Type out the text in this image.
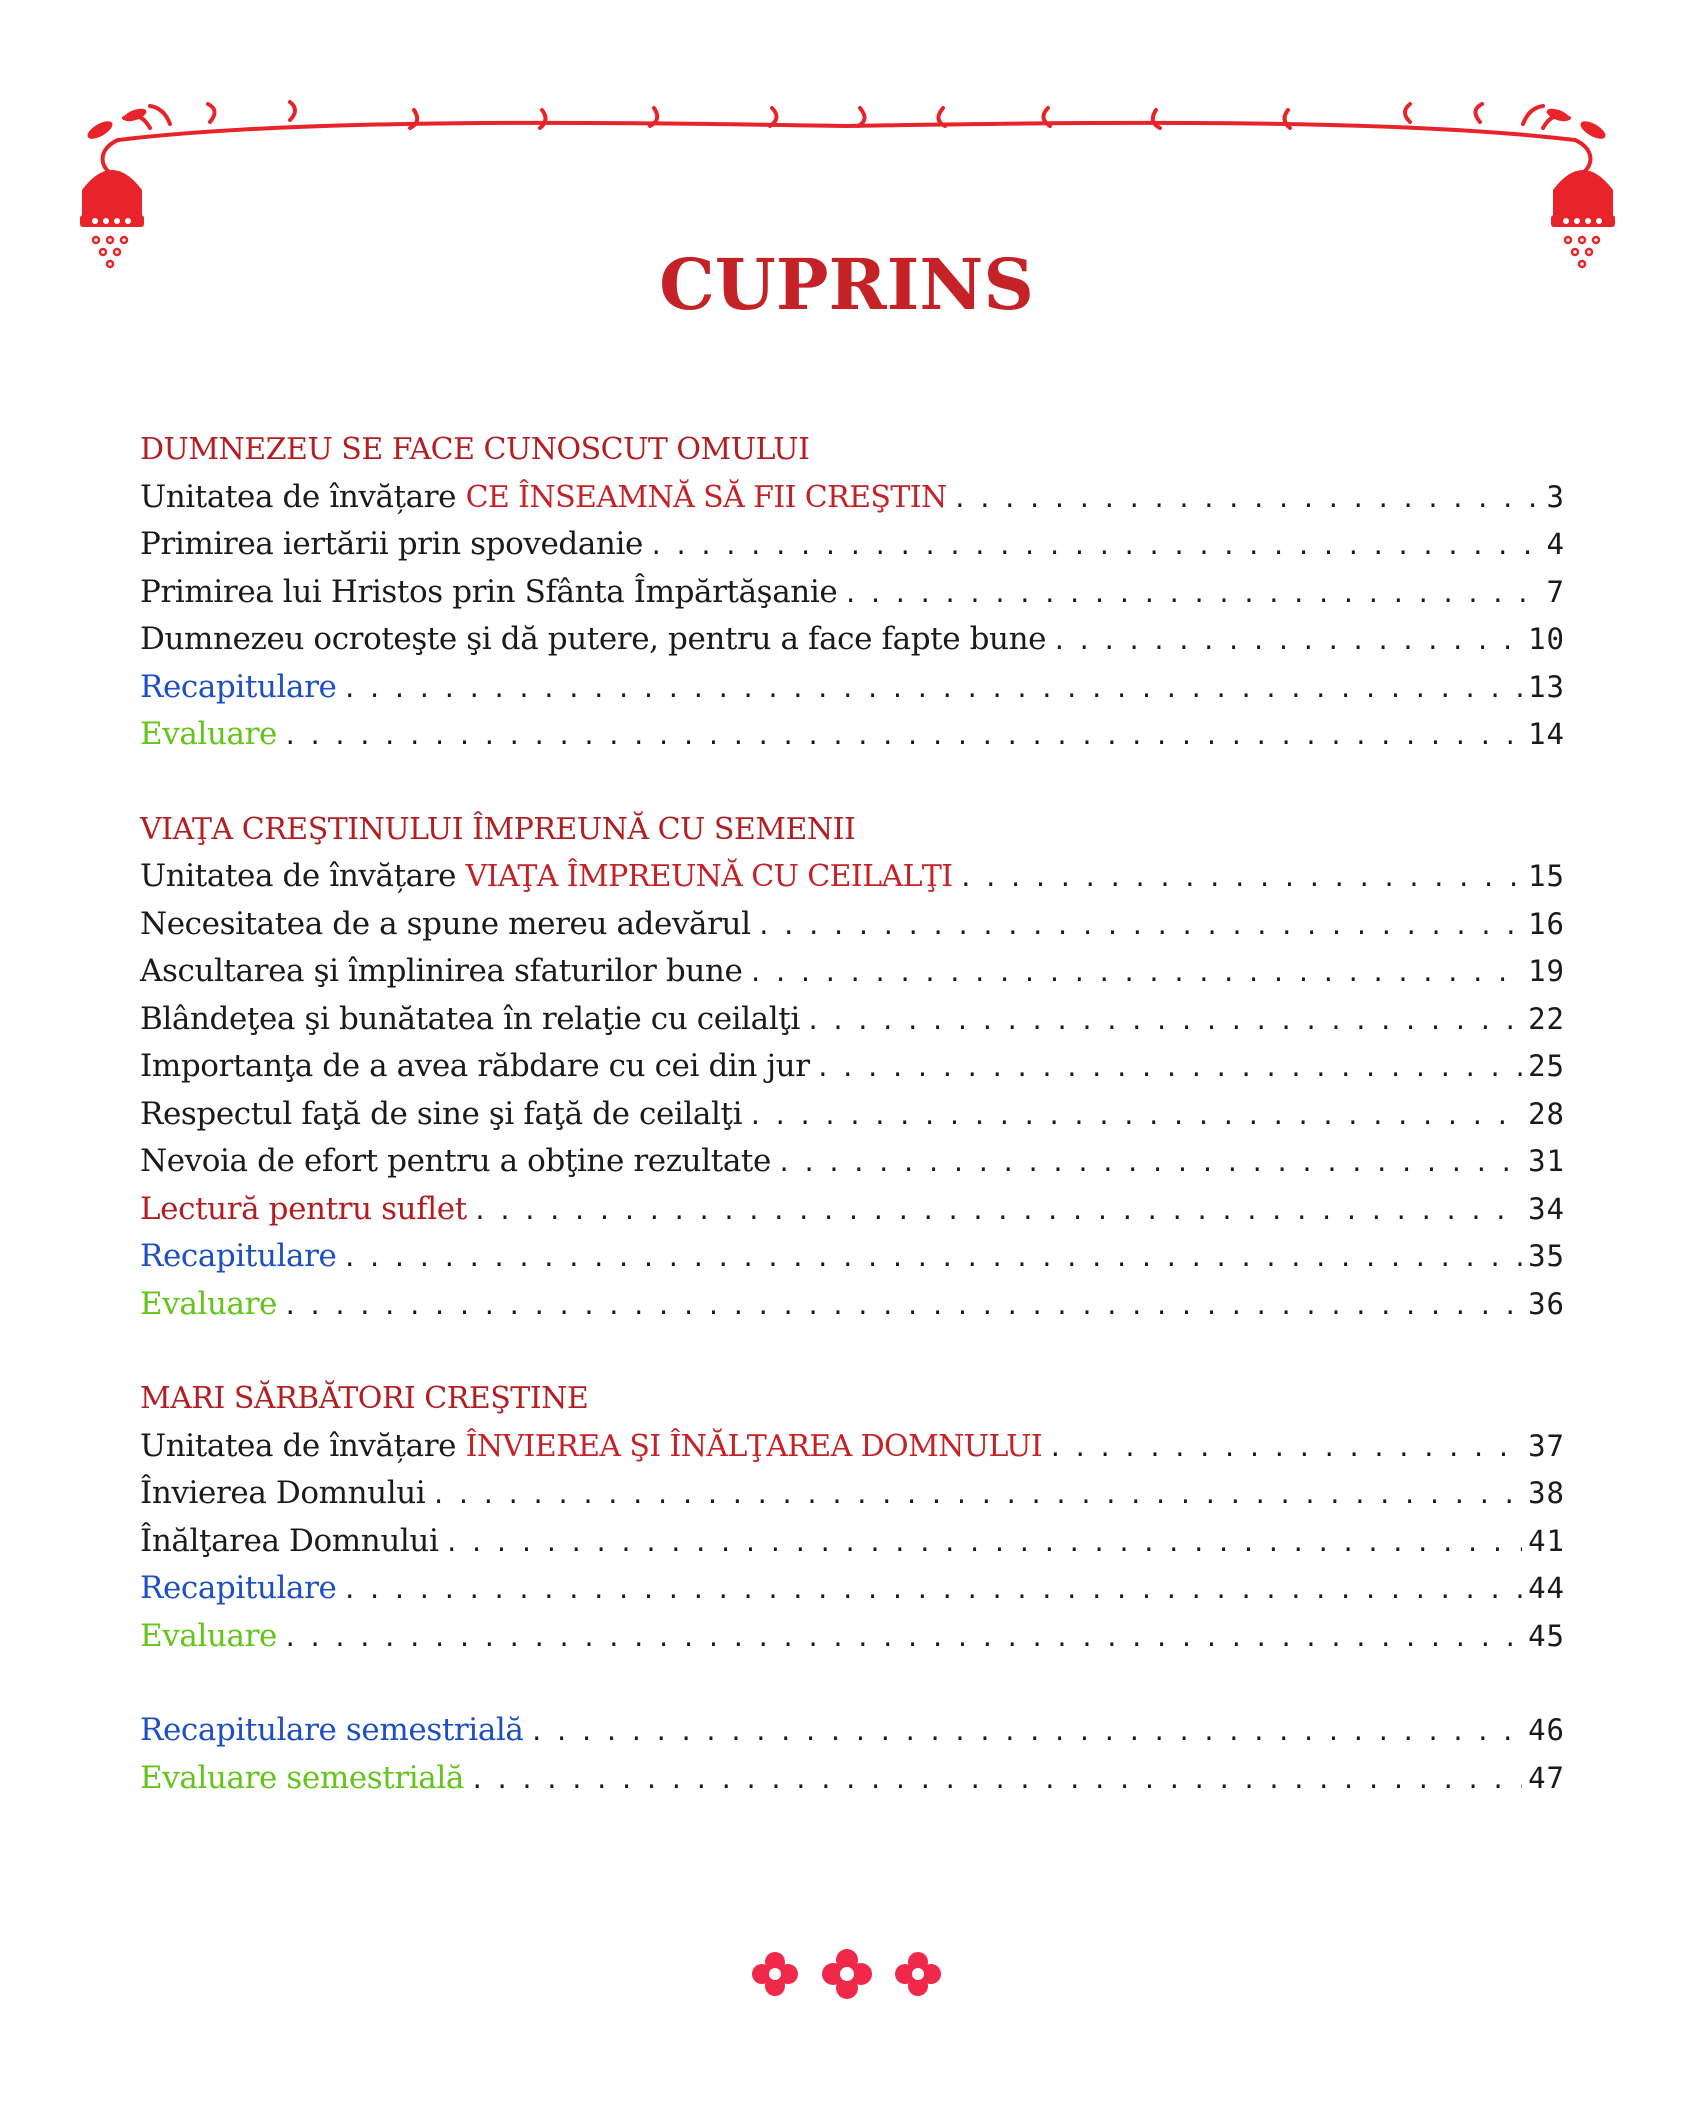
CUPRINS
DUMNEZEU SE FACE CUNOSCUT OMULUI
Unitatea de învățare CE ÎNSEAMNĂ SĂ FII CREŞTIN . . .	3
Primirea iertării prin spovedanie . . .	4
Primirea lui Hristos prin Sfânta Împărtăşanie . . .	7
Dumnezeu ocroteşte şi dă putere, pentru a face fapte bune . . .	10
Recapitulare . . .	13
Evaluare . . .	14
VIAŢA CREŞTINULUI ÎMPREUNĂ CU SEMENII
Unitatea de învățare VIAŢA ÎMPREUNĂ CU CEILALŢI . . .	15
Necesitatea de a spune mereu adevărul . . .	16
Ascultarea şi împlinirea sfaturilor bune . . .	19
Blândeţea şi bunătatea în relaţie cu ceilalţi . . .	22
Importanţa de a avea răbdare cu cei din jur . . .	25
Respectul faţă de sine şi faţă de ceilalţi . . .	28
Nevoia de efort pentru a obţine rezultate . . .	31
Lectură pentru suflet . . .	34
Recapitulare . . .	35
Evaluare . . .	36
MARI SĂRBĂTORI CREŞTINE
Unitatea de învățare ÎNVIEREA ŞI ÎNĂLŢAREA DOMNULUI . . .	37
Învierea Domnului . . .	38
Înălţarea Domnului . . .	41
Recapitulare . . .	44
Evaluare . . .	45
Recapitulare semestrială . . .	46
Evaluare semestrială . . .	47
